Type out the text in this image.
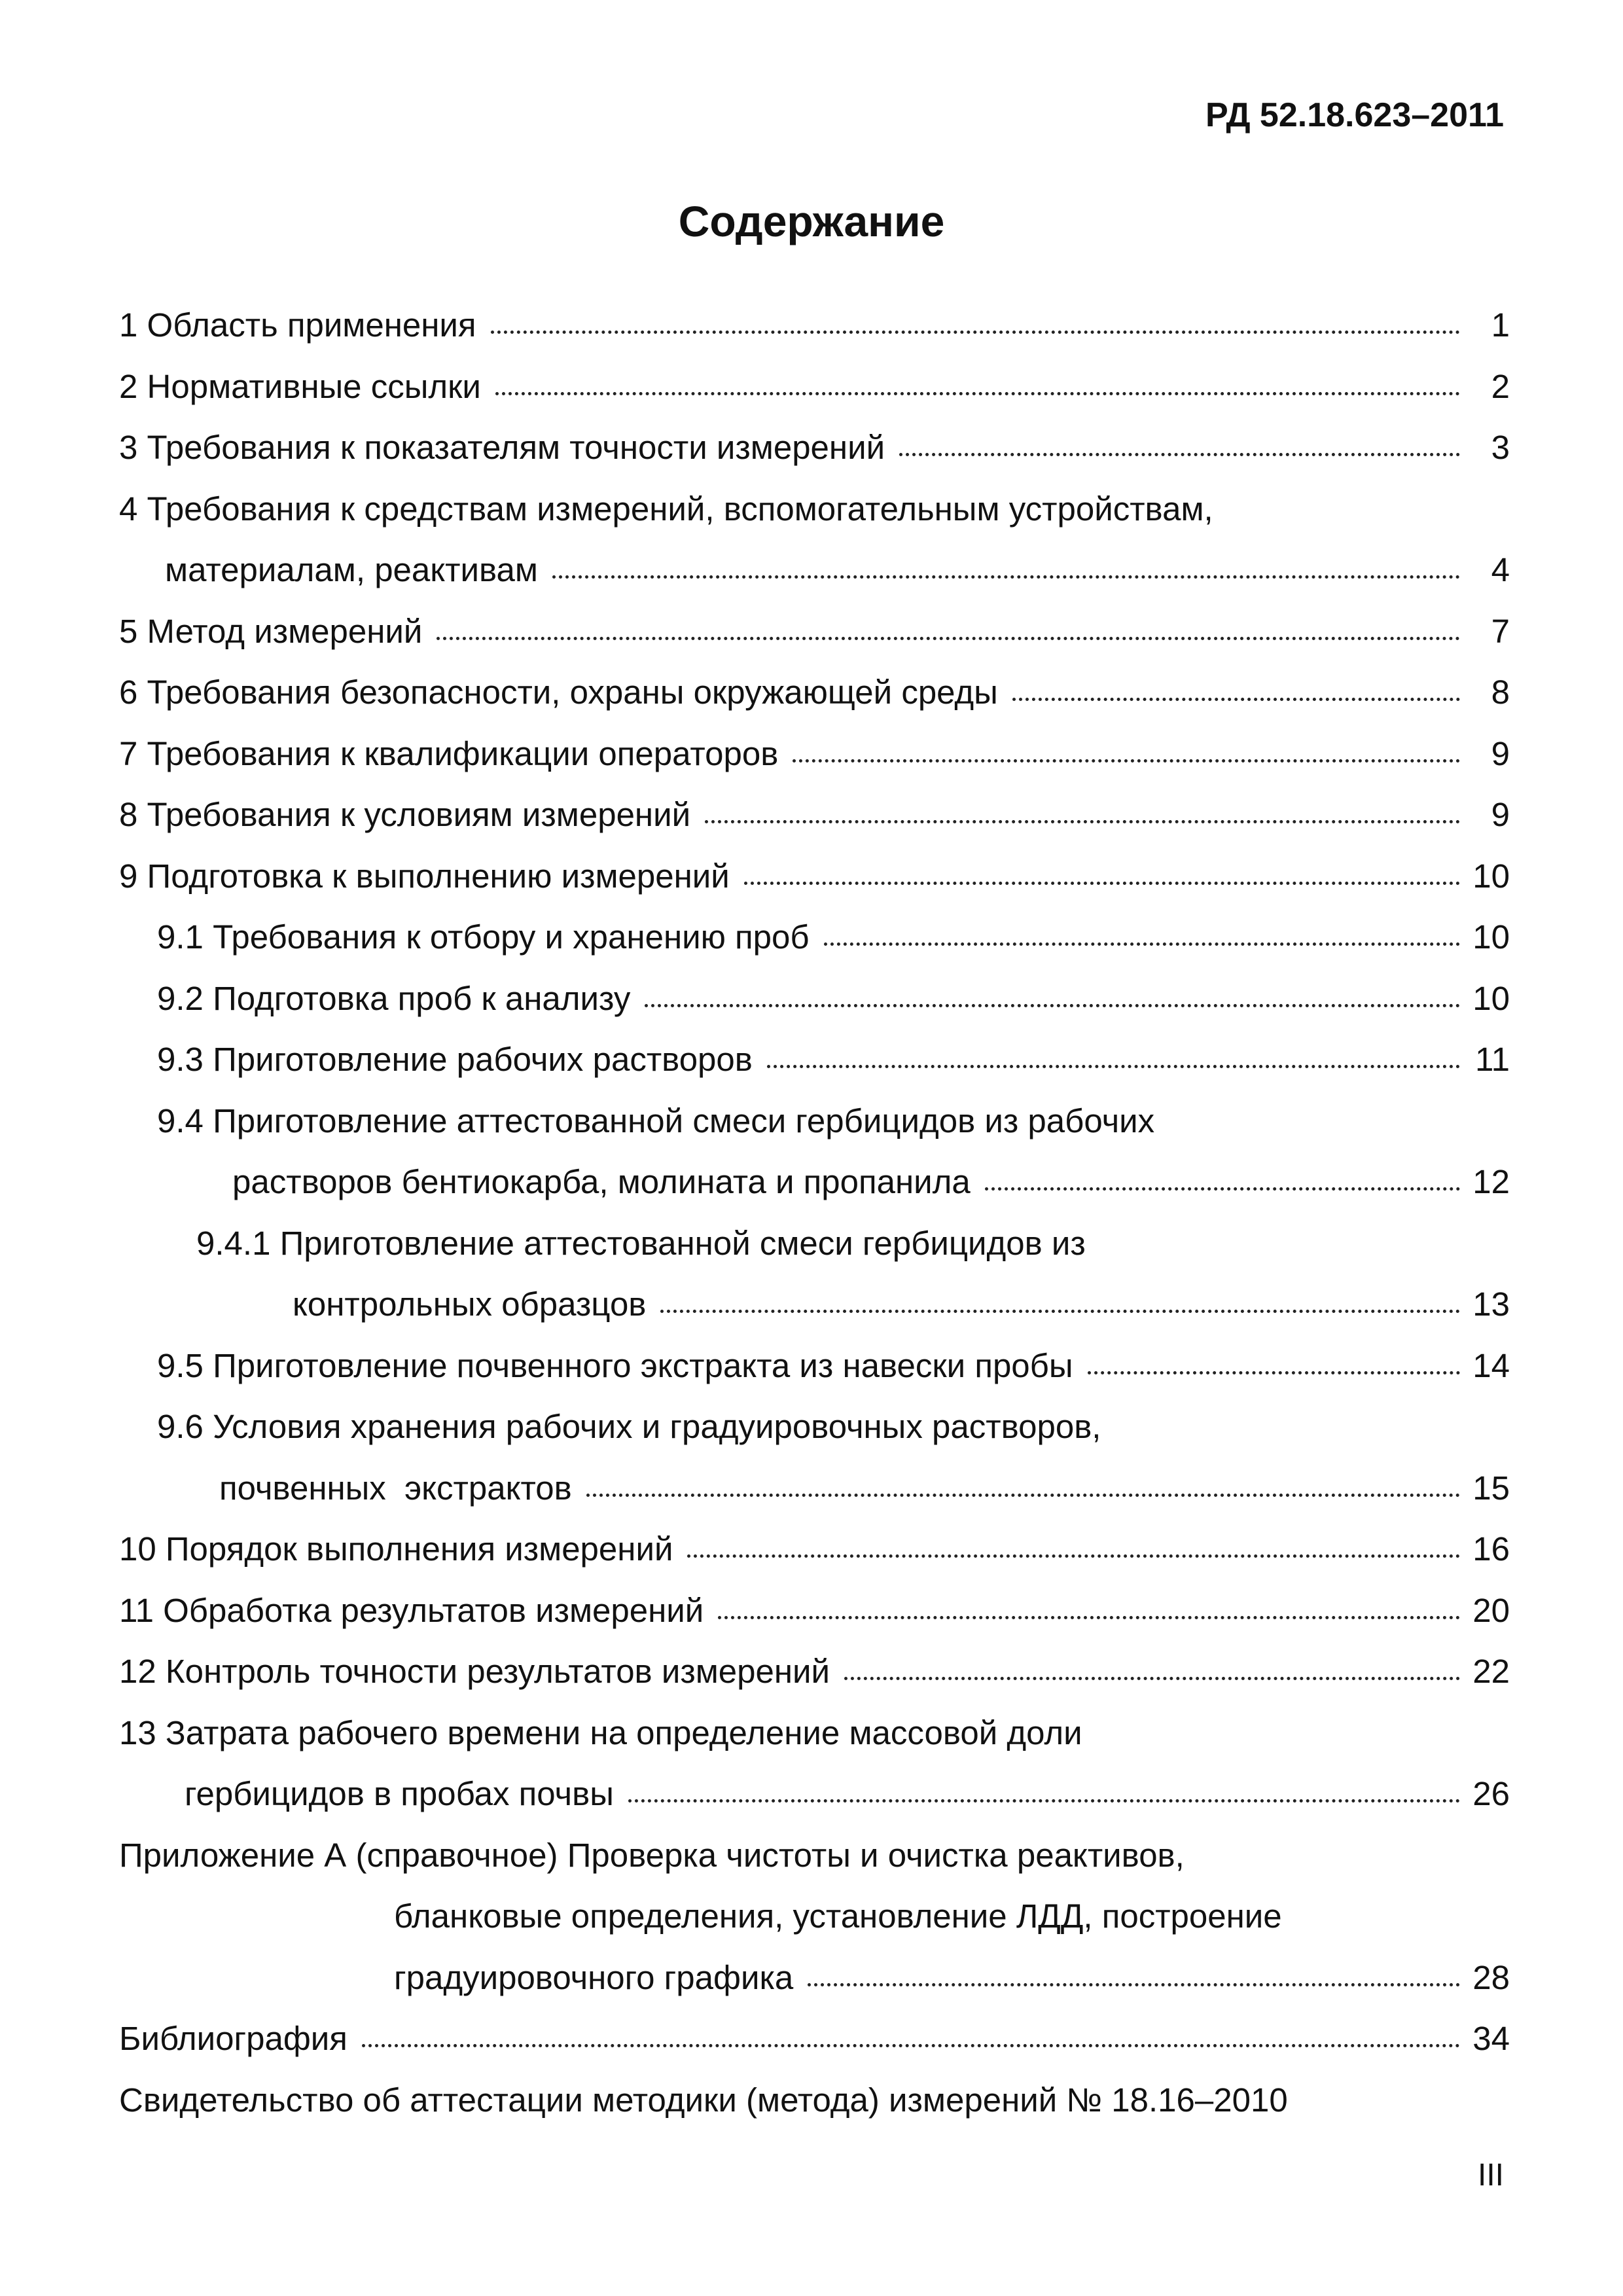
РД 52.18.623–2011
Содержание
1 Область применения	1
2 Нормативные ссылки	2
3 Требования к показателям точности измерений	3
4 Требования к средствам измерений, вспомогательным устройствам,
материалам, реактивам	4
5 Метод измерений	7
6 Требования безопасности, охраны окружающей среды	8
7 Требования к квалификации операторов	9
8 Требования к условиям измерений	9
9 Подготовка к выполнению измерений	10
9.1 Требования к отбору и хранению проб	10
9.2 Подготовка проб к анализу	10
9.3 Приготовление рабочих растворов	11
9.4 Приготовление аттестованной смеси гербицидов из рабочих
растворов бентиокарба, молината и пропанила	12
9.4.1 Приготовление аттестованной смеси гербицидов из
контрольных образцов	13
9.5 Приготовление почвенного экстракта из навески пробы	14
9.6 Условия хранения рабочих и градуировочных растворов,
почвенных  экстрактов	15
10 Порядок выполнения измерений	16
11 Обработка результатов измерений	20
12 Контроль точности результатов измерений	22
13 Затрата рабочего времени на определение массовой доли
гербицидов в пробах почвы	26
Приложение А (справочное) Проверка чистоты и очистка реактивов,
бланковые определения, установление ЛДД, построение
градуировочного графика	28
Библиография	34
Свидетельство об аттестации методики (метода) измерений № 18.16–2010
III
